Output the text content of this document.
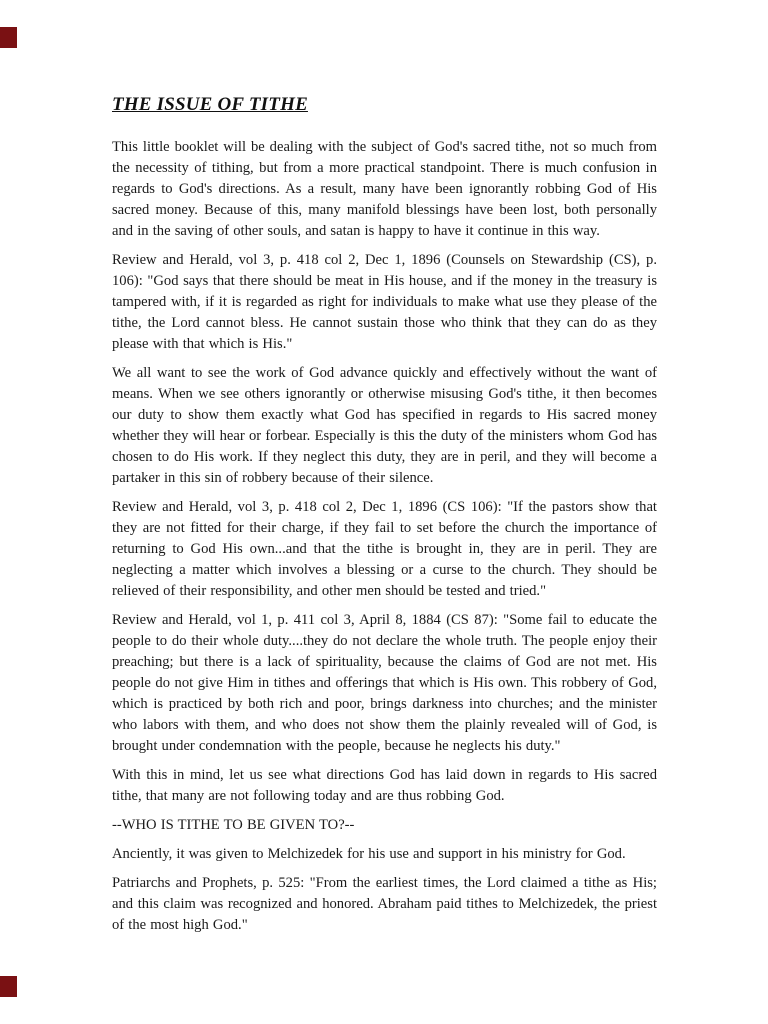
THE ISSUE OF TITHE

This little booklet will be dealing with the subject of God's sacred tithe, not so much from the necessity of tithing, but from a more practical standpoint. There is much confusion in regards to God's directions. As a result, many have been ignorantly robbing God of His sacred money. Because of this, many manifold blessings have been lost, both personally and in the saving of other souls, and satan is happy to have it continue in this way.

Review and Herald, vol 3, p. 418 col 2, Dec 1, 1896 (Counsels on Stewardship (CS), p. 106): "God says that there should be meat in His house, and if the money in the treasury is tampered with, if it is regarded as right for individuals to make what use they please of the tithe, the Lord cannot bless. He cannot sustain those who think that they can do as they please with that which is His."

We all want to see the work of God advance quickly and effectively without the want of means. When we see others ignorantly or otherwise misusing God's tithe, it then becomes our duty to show them exactly what God has specified in regards to His sacred money whether they will hear or forbear. Especially is this the duty of the ministers whom God has chosen to do His work. If they neglect this duty, they are in peril, and they will become a partaker in this sin of robbery because of their silence.

Review and Herald, vol 3, p. 418 col 2, Dec 1, 1896 (CS 106): "If the pastors show that they are not fitted for their charge, if they fail to set before the church the importance of returning to God His own...and that the tithe is brought in, they are in peril. They are neglecting a matter which involves a blessing or a curse to the church. They should be relieved of their responsibility, and other men should be tested and tried."

Review and Herald, vol 1, p. 411 col 3, April 8, 1884 (CS 87): "Some fail to educate the people to do their whole duty....they do not declare the whole truth. The people enjoy their preaching; but there is a lack of spirituality, because the claims of God are not met. His people do not give Him in tithes and offerings that which is His own. This robbery of God, which is practiced by both rich and poor, brings darkness into churches; and the minister who labors with them, and who does not show them the plainly revealed will of God, is brought under condemnation with the people, because he neglects his duty."

With this in mind, let us see what directions God has laid down in regards to His sacred tithe, that many are not following today and are thus robbing God.

--WHO IS TITHE TO BE GIVEN TO?--

Anciently, it was given to Melchizedek for his use and support in his ministry for God.

Patriarchs and Prophets, p. 525: "From the earliest times, the Lord claimed a tithe as His; and this claim was recognized and honored. Abraham paid tithes to Melchizedek, the priest of the most high God."
